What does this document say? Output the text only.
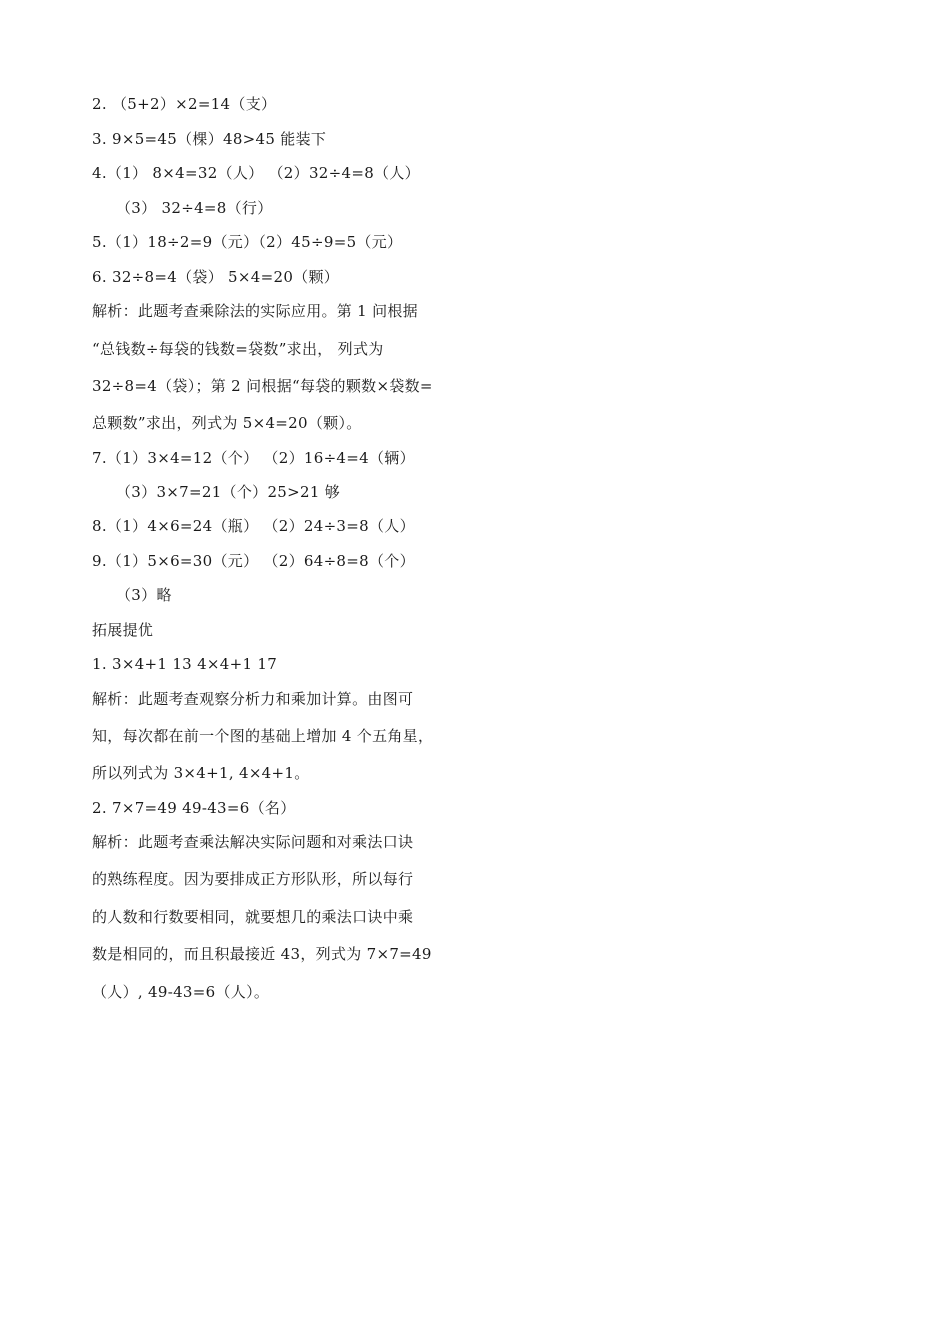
2. （5+2）×2=14（支）
3. 9×5=45（棵）48>45 能装下
4.（1） 8×4=32（人） （2）32÷4=8（人）
（3） 32÷4=8（行）
5.（1）18÷2=9（元）（2）45÷9=5（元）
6. 32÷8=4（袋） 5×4=20（颗）
解析：此题考查乘除法的实际应用。第 1 问根据
“总钱数÷每袋的钱数=袋数”求出， 列式为
32÷8=4（袋）；第 2 问根据“每袋的颗数×袋数=
总颗数”求出，列式为 5×4=20（颗）。
7.（1）3×4=12（个） （2）16÷4=4（辆）
（3）3×7=21（个）25>21 够
8.（1）4×6=24（瓶） （2）24÷3=8（人）
9.（1）5×6=30（元） （2）64÷8=8（个）
（3）略
拓展提优
1. 3×4+1 13 4×4+1 17
解析：此题考查观察分析力和乘加计算。由图可
知，每次都在前一个图的基础上增加 4 个五角星，
所以列式为 3×4+1, 4×4+1。
2. 7×7=49 49-43=6（名）
解析：此题考查乘法解决实际问题和对乘法口诀
的熟练程度。因为要排成正方形队形，所以每行
的人数和行数要相同，就要想几的乘法口诀中乘
数是相同的，而且积最接近 43，列式为 7×7=49
（人）, 49-43=6（人）。
